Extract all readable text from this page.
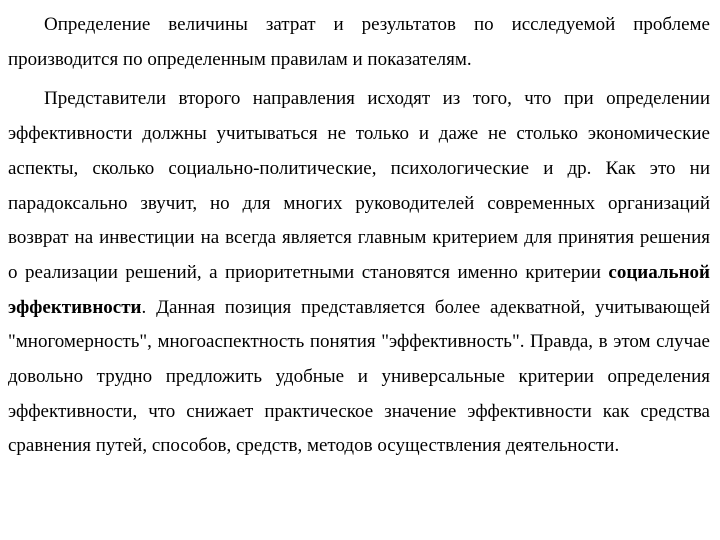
Определение величины затрат и результатов по исследуемой проблеме производится по определенным правилам и показателям.

Представители второго направления исходят из того, что при определении эффективности должны учитываться не только и даже не столько экономические аспекты, сколько социально-политические, психологические и др. Как это ни парадоксально звучит, но для многих руководителей современных организаций возврат на инвестиции на всегда является главным критерием для принятия решения о реализации решений, а приоритетными становятся именно критерии социальной эффективности. Данная позиция представляется более адекватной, учитывающей "многомерность", многоаспектность понятия "эффективность". Правда, в этом случае довольно трудно предложить удобные и универсальные критерии определения эффективности, что снижает практическое значение эффективности как средства сравнения путей, способов, средств, методов осуществления деятельности.
